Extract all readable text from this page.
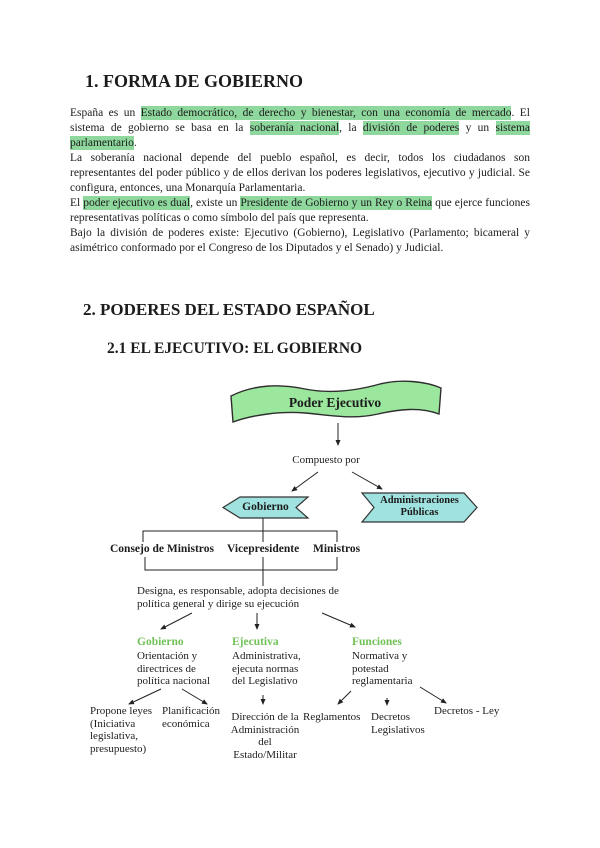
1. FORMA DE GOBIERNO

España es un Estado democrático, de derecho y bienestar, con una economía de mercado. El sistema de gobierno se basa en la soberanía nacional, la división de poderes y un sistema parlamentario.

La soberanía nacional depende del pueblo español, es decir, todos los ciudadanos son representantes del poder público y de ellos derivan los poderes legislativos, ejecutivo y judicial. Se configura, entonces, una Monarquía Parlamentaria.

El poder ejecutivo es dual, existe un Presidente de Gobierno y un Rey o Reina que ejerce funciones representativas políticas o como símbolo del país que representa.

Bajo la división de poderes existe: Ejecutivo (Gobierno), Legislativo (Parlamento; bicameral y asimétrico conformado por el Congreso de los Diputados y el Senado) y Judicial.

2. PODERES DEL ESTADO ESPAÑOL
2.1 EL EJECUTIVO: EL GOBIERNO
Poder Ejecutivo
Compuesto por
Gobierno
Administraciones Públicas
Consejo de Ministros Vicepresidente Ministros
Designa, es responsable, adopta decisiones de política general y dirige su ejecución
Gobierno	Ejecutiva	Funciones
Orientación y directrices de política nacional
Administrativa, ejecuta normas del Legislativo
Normativa y potestad reglamentaria
Propone leyes (Iniciativa legislativa, presupuesto)
Planificación económica
Dirección de la Administración del Estado/Militar
Reglamentos Decretos Legislativos
Decretos - Ley
